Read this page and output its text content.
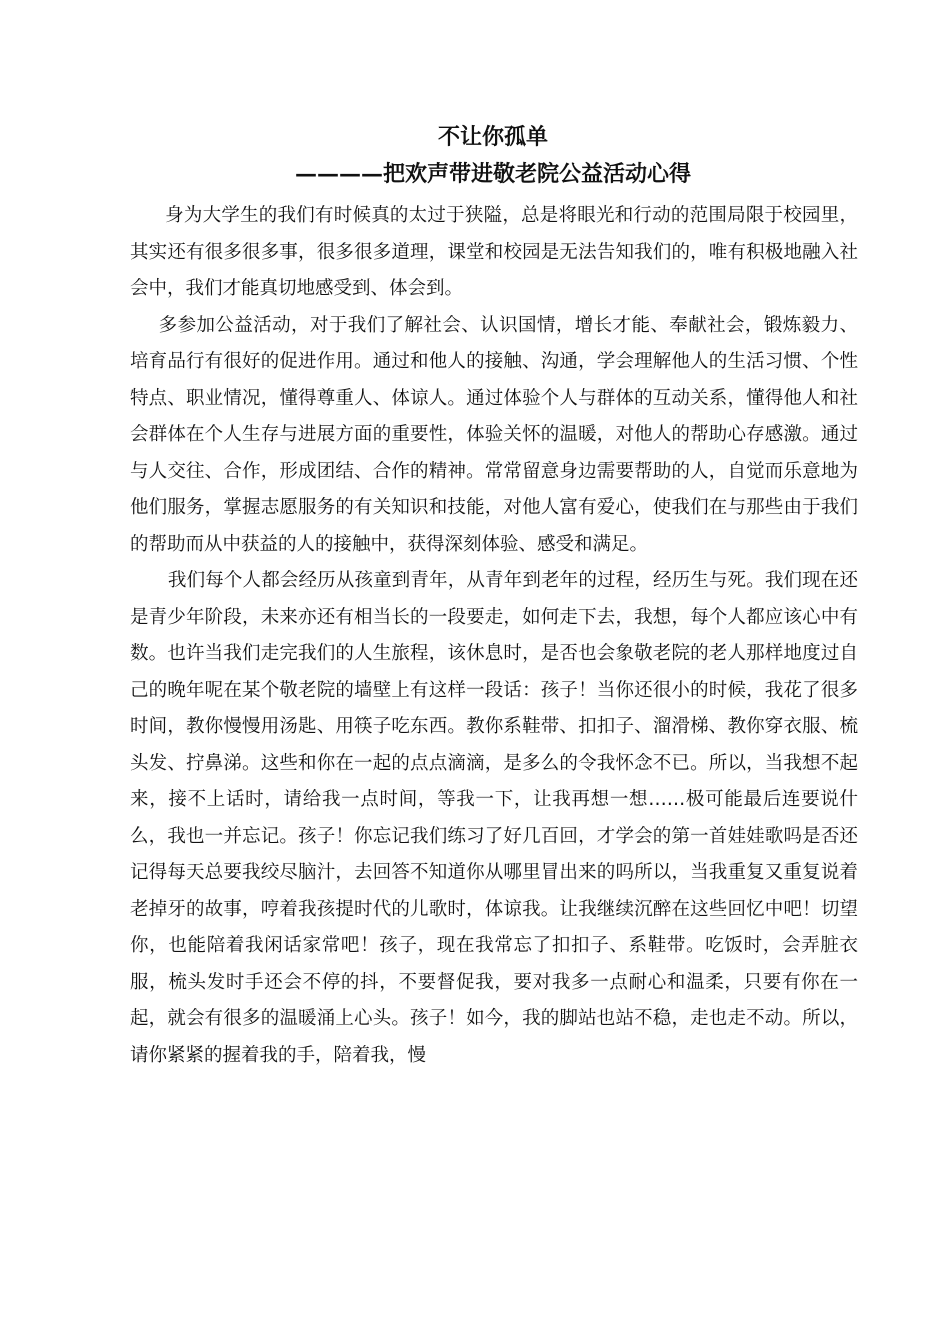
不让你孤单
————把欢声带进敬老院公益活动心得

身为大学生的我们有时候真的太过于狭隘，总是将眼光和行动的范围局限于校园里，其实还有很多很多事，很多很多道理，课堂和校园是无法告知我们的，唯有积极地融入社会中，我们才能真切地感受到、体会到。

多参加公益活动，对于我们了解社会、认识国情，增长才能、奉献社会，锻炼毅力、培育品行有很好的促进作用。通过和他人的接触、沟通，学会理解他人的生活习惯、个性特点、职业情况，懂得尊重人、体谅人。通过体验个人与群体的互动关系，懂得他人和社会群体在个人生存与进展方面的重要性，体验关怀的温暖，对他人的帮助心存感激。通过与人交往、合作，形成团结、合作的精神。常常留意身边需要帮助的人，自觉而乐意地为他们服务，掌握志愿服务的有关知识和技能，对他人富有爱心，使我们在与那些由于我们的帮助而从中获益的人的接触中，获得深刻体验、感受和满足。

我们每个人都会经历从孩童到青年，从青年到老年的过程，经历生与死。我们现在还是青少年阶段，未来亦还有相当长的一段要走，如何走下去，我想，每个人都应该心中有数。也许当我们走完我们的人生旅程，该休息时，是否也会象敬老院的老人那样地度过自己的晚年呢在某个敬老院的墙壁上有这样一段话：孩子！当你还很小的时候，我花了很多时间，教你慢慢用汤匙、用筷子吃东西。教你系鞋带、扣扣子、溜滑梯、教你穿衣服、梳头发、拧鼻涕。这些和你在一起的点点滴滴，是多么的令我怀念不已。所以，当我想不起来，接不上话时，请给我一点时间，等我一下，让我再想一想……极可能最后连要说什么，我也一并忘记。孩子！你忘记我们练习了好几百回，才学会的第一首娃娃歌吗是否还记得每天总要我绞尽脑汁，去回答不知道你从哪里冒出来的吗所以，当我重复又重复说着老掉牙的故事，哼着我孩提时代的儿歌时，体谅我。让我继续沉醉在这些回忆中吧！切望你，也能陪着我闲话家常吧！孩子，现在我常忘了扣扣子、系鞋带。吃饭时，会弄脏衣服，梳头发时手还会不停的抖，不要督促我，要对我多一点耐心和温柔，只要有你在一起，就会有很多的温暖涌上心头。孩子！如今，我的脚站也站不稳，走也走不动。所以，请你紧紧的握着我的手，陪着我，慢
